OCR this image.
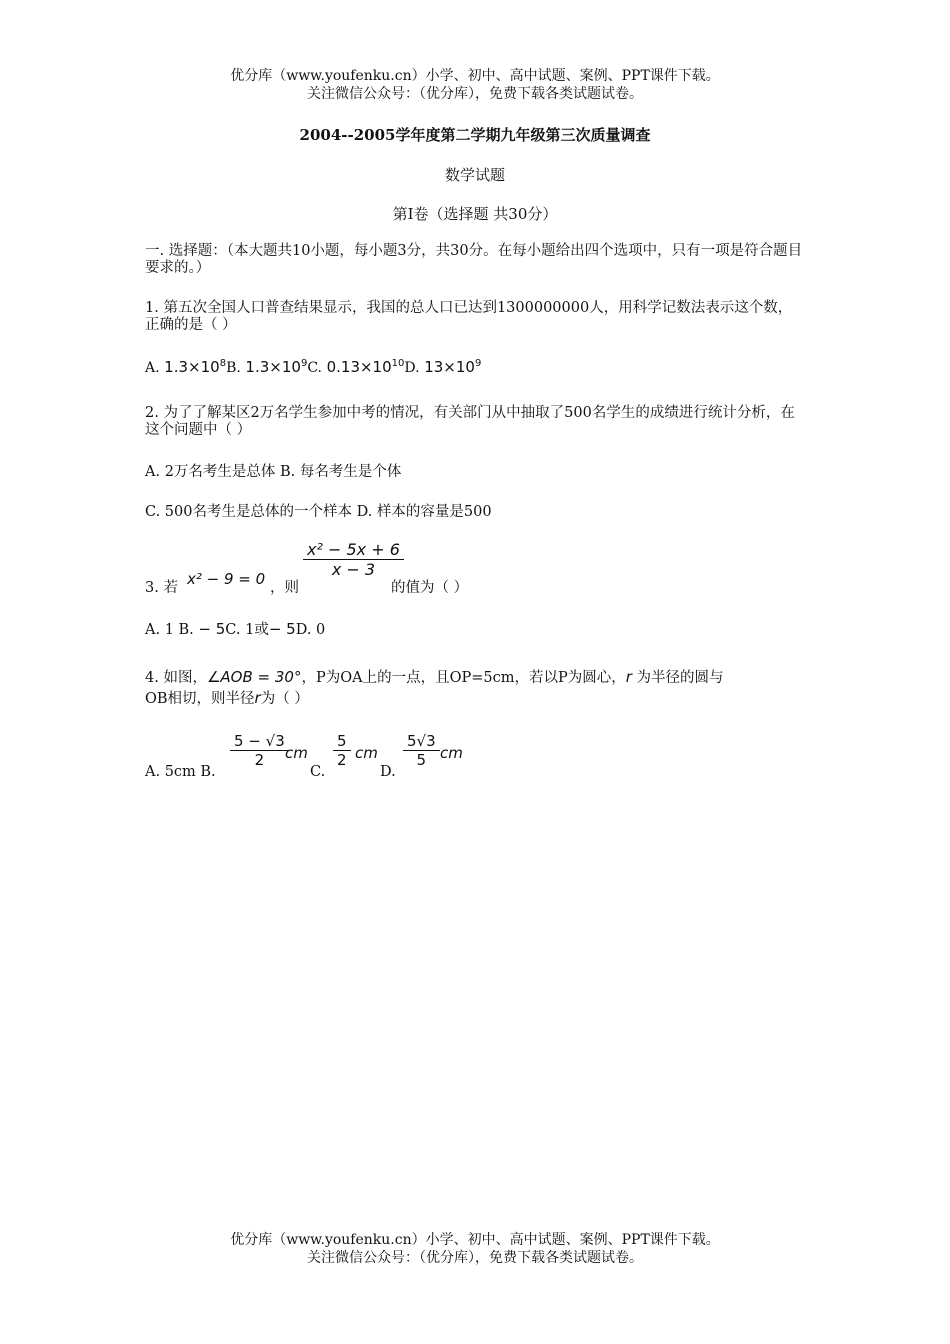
优分库（www.youfenku.cn）小学、初中、高中试题、案例、PPT课件下载。
关注微信公众号：（优分库），免费下载各类试题试卷。
2004--2005学年度第二学期九年级第三次质量调查
数学试题
第Ⅰ卷（选择题 共30分）
一. 选择题：（本大题共10小题，每小题3分，共30分。在每小题给出四个选项中，只有一项是符合题目要求的。）
1. 第五次全国人口普查结果显示，我国的总人口已达到1300000000人，用科学记数法表示这个数，正确的是（ ）
A. $1.3\times 10^8B$. $1.3\times 10^9C$. $0.13\times 10^{10}D$. $13\times 10^9$
2. 为了了解某区2万名学生参加中考的情况，有关部门从中抽取了500名学生的成绩进行统计分析，在这个问题中（ ）
A. 2万名考生是总体 B. 每名考生是个体
C. 500名考生是总体的一个样本 D. 样本的容量是500
3. 若 x² − 9 = 0 ，则
$\frac{\text{x² − 5x + 6}}{x - 3}$
的值为（ ）
A. 1 B. − 5C. 1或− 5D. 0
4. 如图，∠AOB = 30°，P为OA上的一点，且OP=5cm，若以P为圆心，r 为半径的圆与
OB相切，则半径r为（ ）
A. 5cm B.
$\frac{5 - √3}{2}$
cm
C.
$\frac{5}{2}$ cm
D.
$\frac{5√3}{5}$ cm
优分库（www.youfenku.cn）小学、初中、高中试题、案例、PPT课件下载。
关注微信公众号：（优分库），免费下载各类试题试卷。
